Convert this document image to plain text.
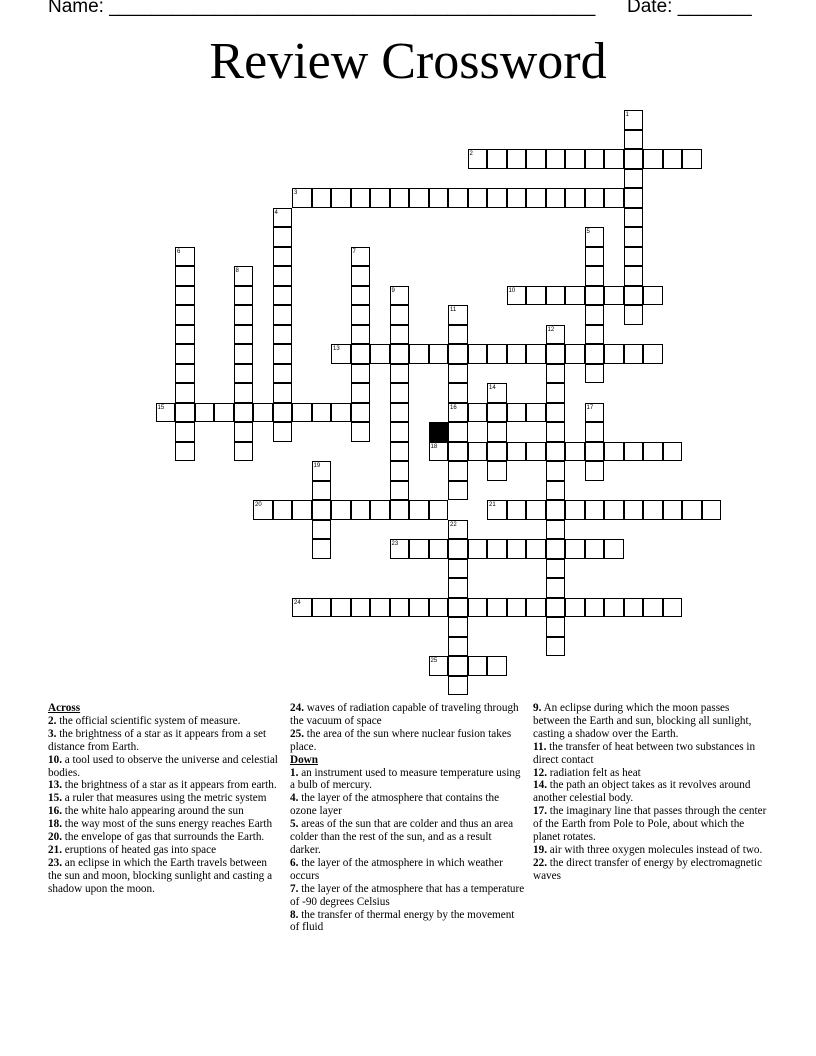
Name: ______________________________________________ Date: _______
Review Crossword
1
2
3
4
5
6	7
8
9	10
11
12
13
14
15	16	17
18
19
20	21
22
23
24
25
Across

2. the official scientific system of measure.

3. the brightness of a star as it appears from a set distance from Earth.

10. a tool used to observe the universe and celestial bodies.

13. the brightness of a star as it appears from earth.

15. a ruler that measures using the metric system

16. the white halo appearing around the sun

18. the way most of the suns energy reaches Earth

20. the envelope of gas that surrounds the Earth.

21. eruptions of heated gas into space

23. an eclipse in which the Earth travels between the sun and moon, blocking sunlight and casting a shadow upon the moon.

24. waves of radiation capable of traveling through the vacuum of space

25. the area of the sun where nuclear fusion takes place.

Down

1. an instrument used to measure temperature using a bulb of mercury.

4. the layer of the atmosphere that contains the ozone layer

5. areas of the sun that are colder and thus an area colder than the rest of the sun, and as a result darker.

6. the layer of the atmosphere in which weather occurs

7. the layer of the atmosphere that has a temperature of -90 degrees Celsius

8. the transfer of thermal energy by the movement of fluid

9. An eclipse during which the moon passes between the Earth and sun, blocking all sunlight, casting a shadow over the Earth.

11. the transfer of heat between two substances in direct contact

12. radiation felt as heat

14. the path an object takes as it revolves around another celestial body.

17. the imaginary line that passes through the center of the Earth from Pole to Pole, about which the planet rotates.

19. air with three oxygen molecules instead of two.

22. the direct transfer of energy by electromagnetic waves
